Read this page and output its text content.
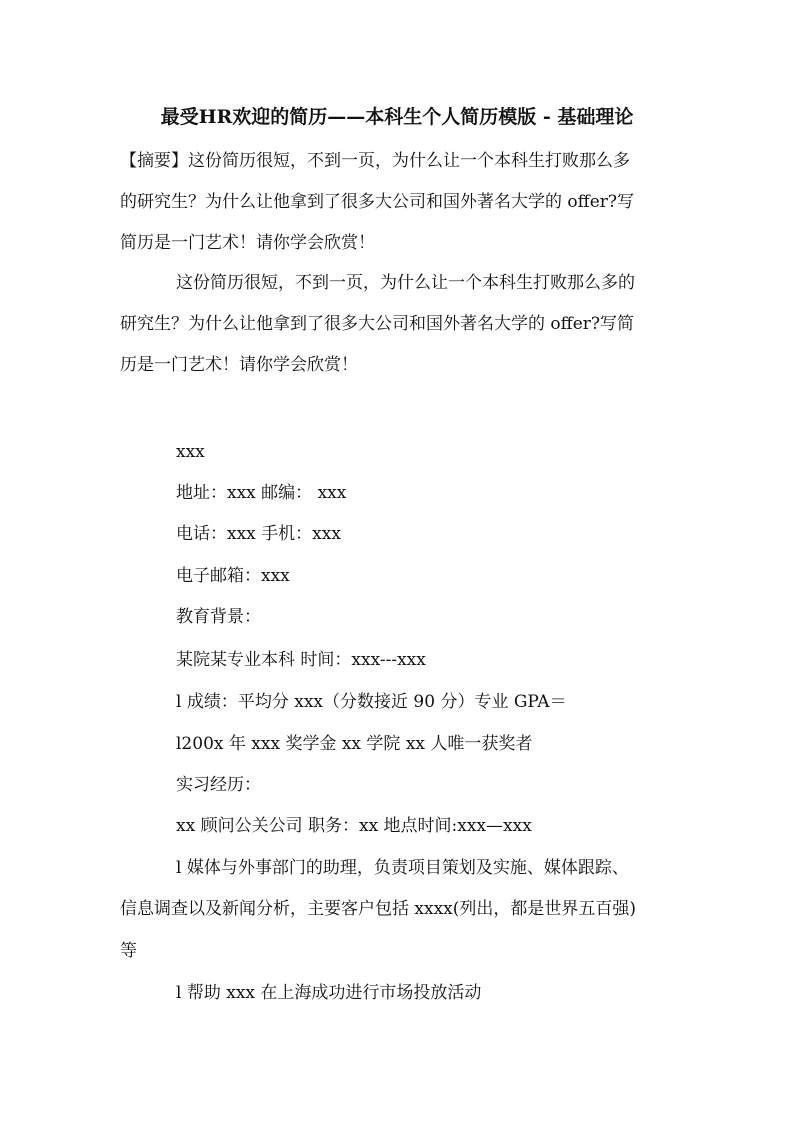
最受HR欢迎的简历——本科生个人简历模版 - 基础理论
【摘要】这份简历很短，不到一页，为什么让一个本科生打败那么多
的研究生？为什么让他拿到了很多大公司和国外著名大学的 offer?写
简历是一门艺术！请你学会欣赏！
这份简历很短，不到一页，为什么让一个本科生打败那么多的
研究生？为什么让他拿到了很多大公司和国外著名大学的 offer?写简
历是一门艺术！请你学会欣赏！
xxx
地址：xxx 邮编： xxx
电话：xxx 手机：xxx
电子邮箱：xxx
教育背景：
某院某专业本科 时间：xxx---xxx
l 成绩：平均分 xxx（分数接近 90 分）专业 GPA＝
l200x 年 xxx 奖学金 xx 学院 xx 人唯一获奖者
实习经历：
xx 顾问公关公司 职务：xx 地点时间:xxx—xxx
l 媒体与外事部门的助理，负责项目策划及实施、媒体跟踪、
信息调查以及新闻分析，主要客户包括 xxxx(列出，都是世界五百强)
等
l 帮助 xxx 在上海成功进行市场投放活动
